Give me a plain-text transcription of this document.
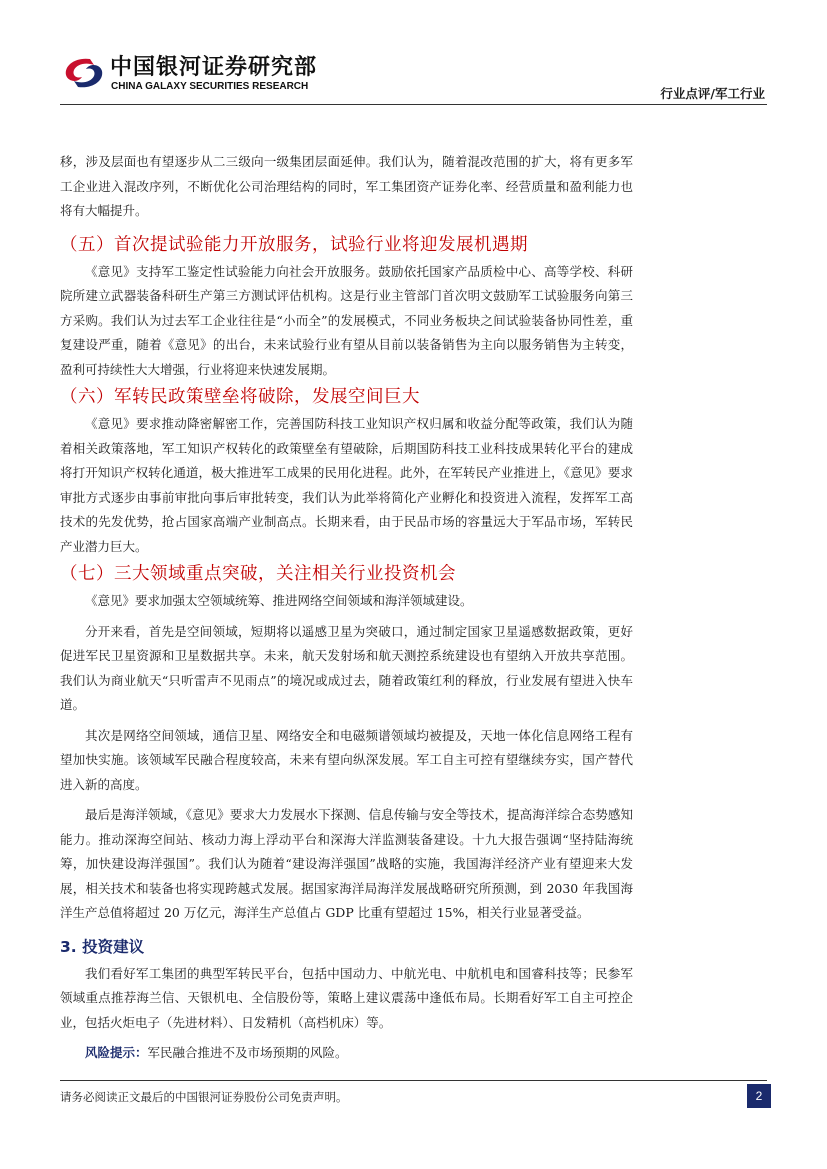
中国银河证券研究部
CHINA GALAXY SECURITIES RESEARCH	行业点评/军工行业

移，涉及层面也有望逐步从二三级向一级集团层面延伸。我们认为，随着混改范围的扩大，将有更多军工企业进入混改序列，不断优化公司治理结构的同时，军工集团资产证券化率、经营质量和盈利能力也将有大幅提升。

（五）首次提试验能力开放服务，试验行业将迎发展机遇期

《意见》支持军工鉴定性试验能力向社会开放服务。鼓励依托国家产品质检中心、高等学校、科研院所建立武器装备科研生产第三方测试评估机构。这是行业主管部门首次明文鼓励军工试验服务向第三方采购。我们认为过去军工企业往往是“小而全”的发展模式，不同业务板块之间试验装备协同性差，重复建设严重，随着《意见》的出台，未来试验行业有望从目前以装备销售为主向以服务销售为主转变，盈利可持续性大大增强，行业将迎来快速发展期。

（六）军转民政策壁垒将破除，发展空间巨大

《意见》要求推动降密解密工作，完善国防科技工业知识产权归属和收益分配等政策，我们认为随着相关政策落地，军工知识产权转化的政策壁垒有望破除，后期国防科技工业科技成果转化平台的建成将打开知识产权转化通道，极大推进军工成果的民用化进程。此外，在军转民产业推进上，《意见》要求审批方式逐步由事前审批向事后审批转变，我们认为此举将简化产业孵化和投资进入流程，发挥军工高技术的先发优势，抢占国家高端产业制高点。长期来看，由于民品市场的容量远大于军品市场，军转民产业潜力巨大。

（七）三大领域重点突破，关注相关行业投资机会

《意见》要求加强太空领域统筹、推进网络空间领域和海洋领域建设。

分开来看，首先是空间领域，短期将以遥感卫星为突破口，通过制定国家卫星遥感数据政策，更好促进军民卫星资源和卫星数据共享。未来，航天发射场和航天测控系统建设也有望纳入开放共享范围。我们认为商业航天“只听雷声不见雨点”的境况或成过去，随着政策红利的释放，行业发展有望进入快车道。

其次是网络空间领域，通信卫星、网络安全和电磁频谱领域均被提及，天地一体化信息网络工程有望加快实施。该领域军民融合程度较高，未来有望向纵深发展。军工自主可控有望继续夯实，国产替代进入新的高度。

最后是海洋领域，《意见》要求大力发展水下探测、信息传输与安全等技术，提高海洋综合态势感知能力。推动深海空间站、核动力海上浮动平台和深海大洋监测装备建设。十九大报告强调“坚持陆海统筹，加快建设海洋强国”。我们认为随着“建设海洋强国”战略的实施，我国海洋经济产业有望迎来大发展，相关技术和装备也将实现跨越式发展。据国家海洋局海洋发展战略研究所预测，到 2030 年我国海洋生产总值将超过 20 万亿元，海洋生产总值占 GDP 比重有望超过 15%，相关行业显著受益。

3. 投资建议

我们看好军工集团的典型军转民平台，包括中国动力、中航光电、中航机电和国睿科技等；民参军领域重点推荐海兰信、天银机电、全信股份等，策略上建议震荡中逢低布局。长期看好军工自主可控企业，包括火炬电子（先进材料）、日发精机（高档机床）等。

风险提示：军民融合推进不及市场预期的风险。

请务必阅读正文最后的中国银河证券股份公司免责声明。	2
